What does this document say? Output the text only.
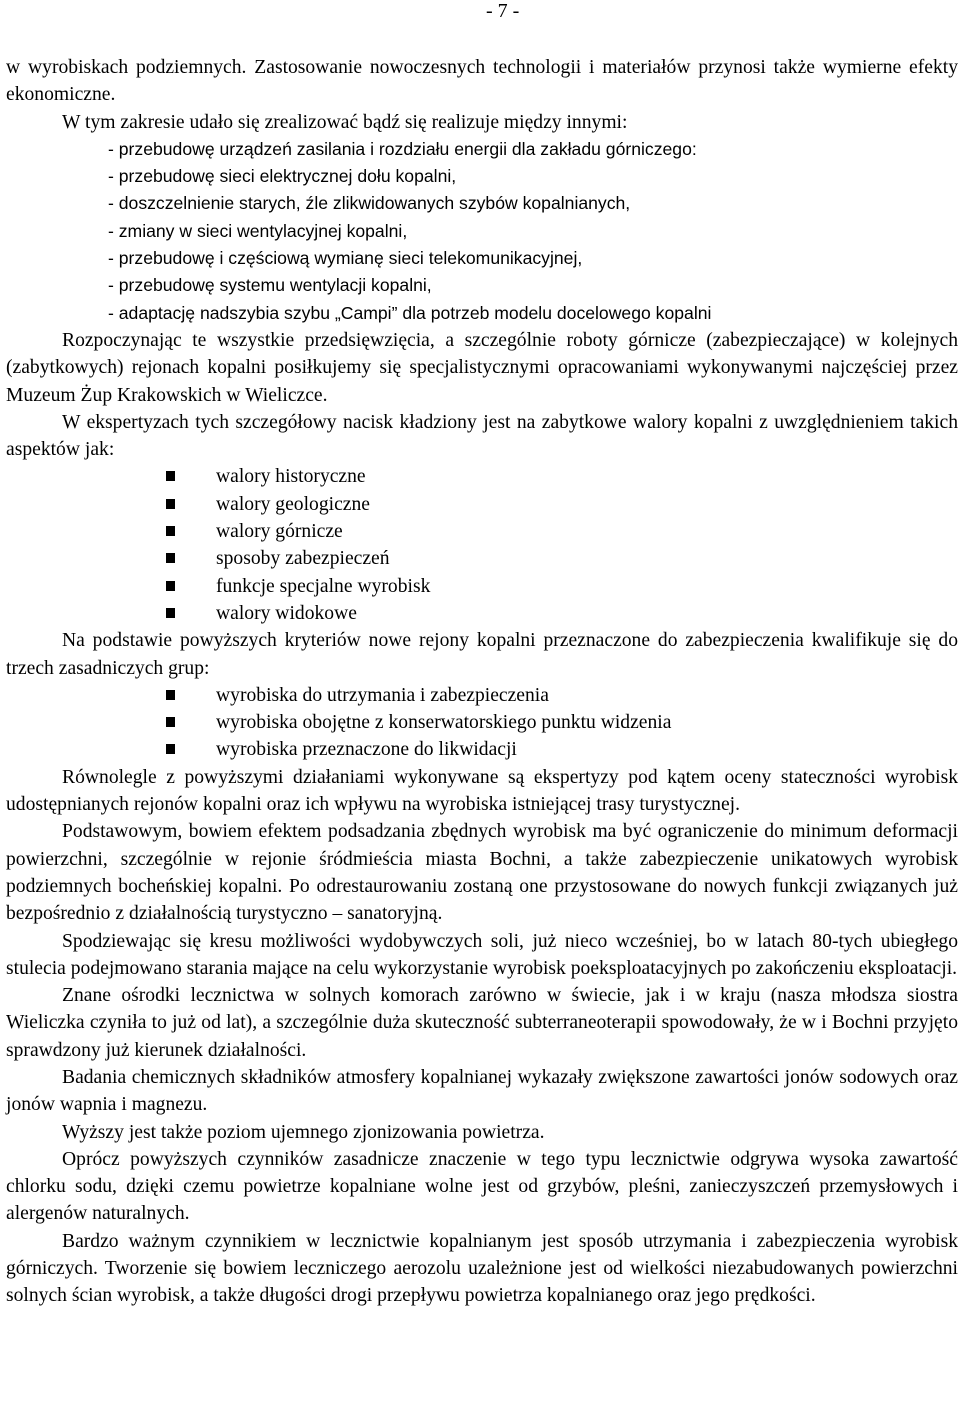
- 7 -

w wyrobiskach podziemnych. Zastosowanie nowoczesnych technologii i materiałów przynosi także wymierne efekty ekonomiczne.

W tym zakresie udało się zrealizować bądź się realizuje między innymi:

- przebudowę urządzeń zasilania i rozdziału energii dla zakładu górniczego:
- przebudowę sieci elektrycznej dołu kopalni,
- doszczelnienie starych, źle zlikwidowanych szybów kopalnianych,
- zmiany w sieci wentylacyjnej kopalni,
- przebudowę i częściową wymianę sieci telekomunikacyjnej,
- przebudowę systemu wentylacji kopalni,
- adaptację nadszybia szybu „Campi” dla potrzeb modelu docelowego kopalni

Rozpoczynając te wszystkie przedsięwzięcia, a szczególnie roboty górnicze (zabezpieczające) w kolejnych (zabytkowych) rejonach kopalni posiłkujemy się specjalistycznymi opracowaniami wykonywanymi najczęściej przez Muzeum Żup Krakowskich w Wieliczce.

W ekspertyzach tych szczegółowy nacisk kładziony jest na zabytkowe walory kopalni z uwzględnieniem takich aspektów jak:

walory historyczne
walory geologiczne
walory górnicze
sposoby zabezpieczeń
funkcje specjalne wyrobisk
walory widokowe

Na podstawie powyższych kryteriów nowe rejony kopalni przeznaczone do zabezpieczenia kwalifikuje się do trzech zasadniczych grup:

wyrobiska do utrzymania i zabezpieczenia
wyrobiska obojętne z konserwatorskiego punktu widzenia
wyrobiska przeznaczone do likwidacji

Równolegle z powyższymi działaniami wykonywane są ekspertyzy pod kątem oceny stateczności wyrobisk udostępnianych rejonów kopalni oraz ich wpływu na wyrobiska istniejącej trasy turystycznej.

Podstawowym, bowiem efektem podsadzania zbędnych wyrobisk ma być ograniczenie do minimum deformacji powierzchni, szczególnie w rejonie śródmieścia miasta Bochni, a także zabezpieczenie unikatowych wyrobisk podziemnych bocheńskiej kopalni. Po odrestaurowaniu zostaną one przystosowane do nowych funkcji związanych już bezpośrednio z działalnością turystyczno – sanatoryjną.

Spodziewając się kresu możliwości wydobywczych soli, już nieco wcześniej, bo w latach 80-tych ubiegłego stulecia podejmowano starania mające na celu wykorzystanie wyrobisk poeksploatacyjnych po zakończeniu eksploatacji.

Znane ośrodki lecznictwa w solnych komorach zarówno w świecie, jak i w kraju (nasza młodsza siostra Wieliczka czyniła to już od lat), a szczególnie duża skuteczność subterraneoterapii spowodowały, że w i Bochni przyjęto sprawdzony już kierunek działalności.

Badania chemicznych składników atmosfery kopalnianej wykazały zwiększone zawartości jonów sodowych oraz jonów wapnia i magnezu.

Wyższy jest także poziom ujemnego zjonizowania powietrza.

Oprócz powyższych czynników zasadnicze znaczenie w tego typu lecznictwie odgrywa wysoka zawartość chlorku sodu, dzięki czemu powietrze kopalniane wolne jest od grzybów, pleśni, zanieczyszczeń przemysłowych i alergenów naturalnych.

Bardzo ważnym czynnikiem w lecznictwie kopalnianym jest sposób utrzymania i zabezpieczenia wyrobisk górniczych. Tworzenie się bowiem leczniczego aerozolu uzależnione jest od wielkości niezabudowanych powierzchni solnych ścian wyrobisk, a także długości drogi przepływu powietrza kopalnianego oraz jego prędkości.
